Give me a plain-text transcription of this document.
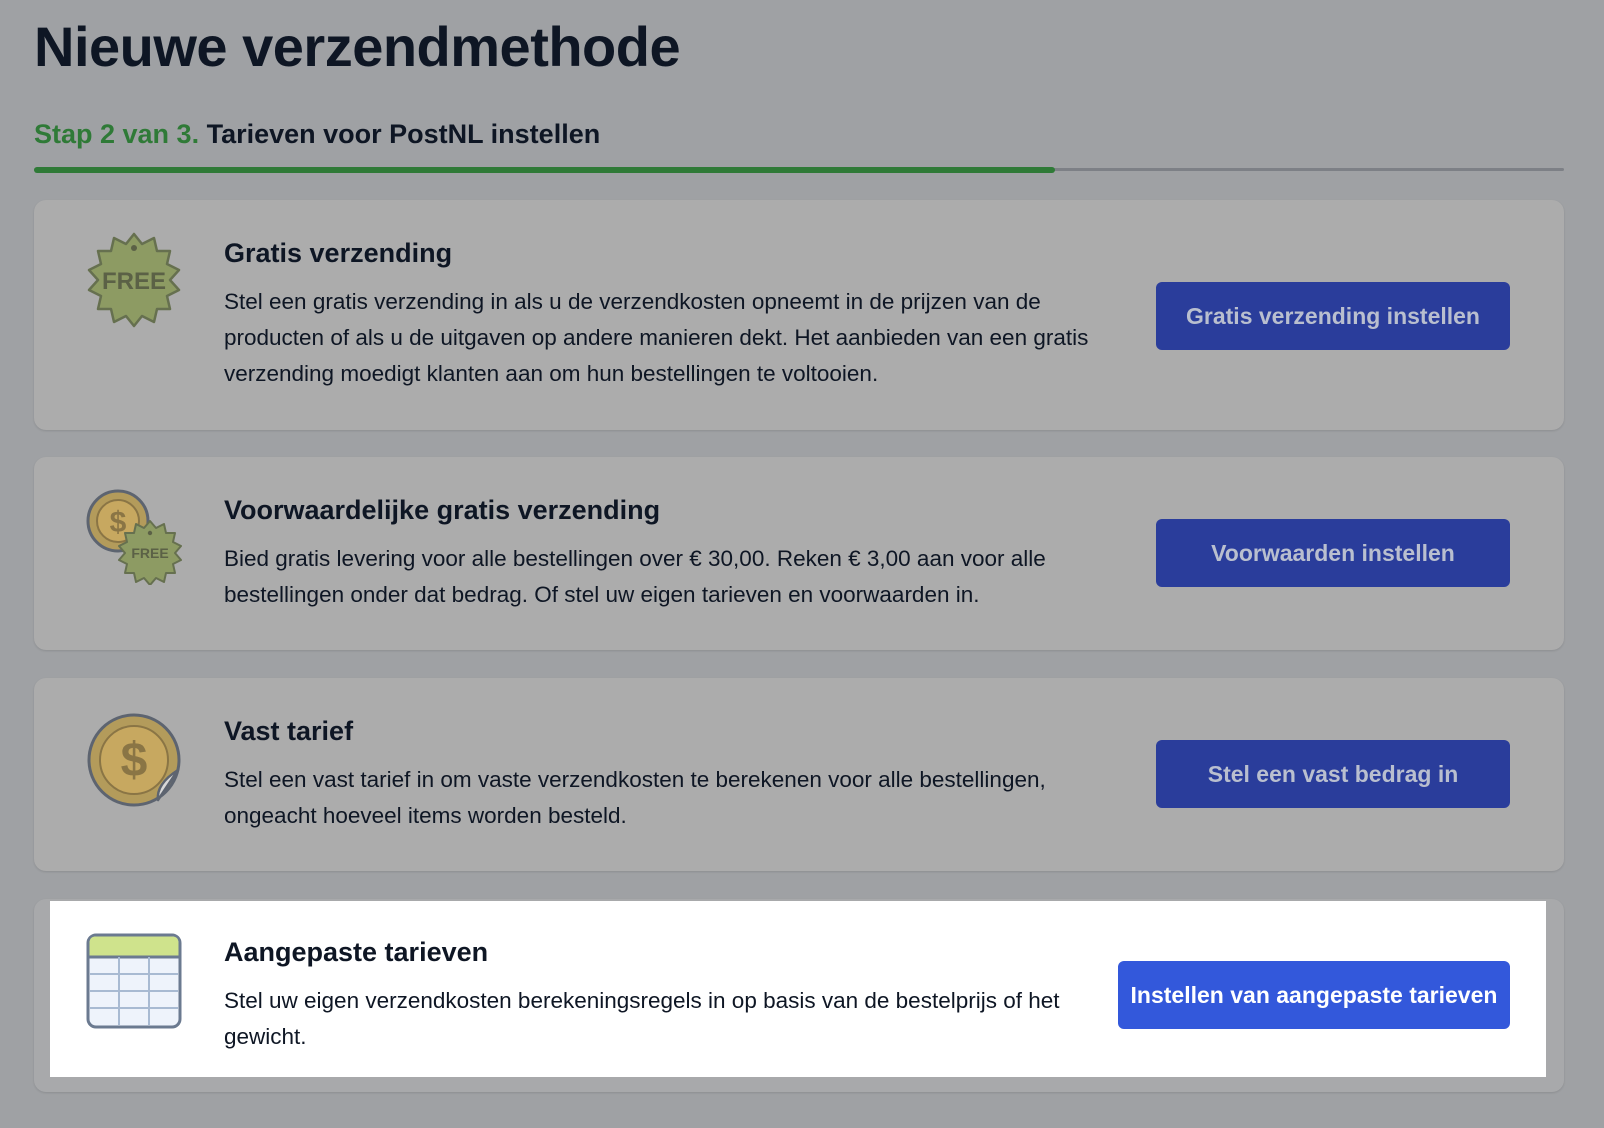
Nieuwe verzendmethode
Stap 2 van 3. Tarieven voor PostNL instellen
FREE
Gratis verzending

Stel een gratis verzending in als u de verzendkosten opneemt in de prijzen van de producten of als u de uitgaven op andere manieren dekt. Het aanbieden van een gratis verzending moedigt klanten aan om hun bestellingen te voltooien.

Gratis verzending instellen
$
FREE
Voorwaardelijke gratis verzending

Bied gratis levering voor alle bestellingen over € 30,00. Reken € 3,00 aan voor alle bestellingen onder dat bedrag. Of stel uw eigen tarieven en voorwaarden in.

Voorwaarden instellen
$
Vast tarief

Stel een vast tarief in om vaste verzendkosten te berekenen voor alle bestellingen, ongeacht hoeveel items worden besteld.

Stel een vast bedrag in
Aangepaste tarieven

Stel uw eigen verzendkosten berekeningsregels in op basis van de bestelprijs of het gewicht.

Instellen van aangepaste tarieven
